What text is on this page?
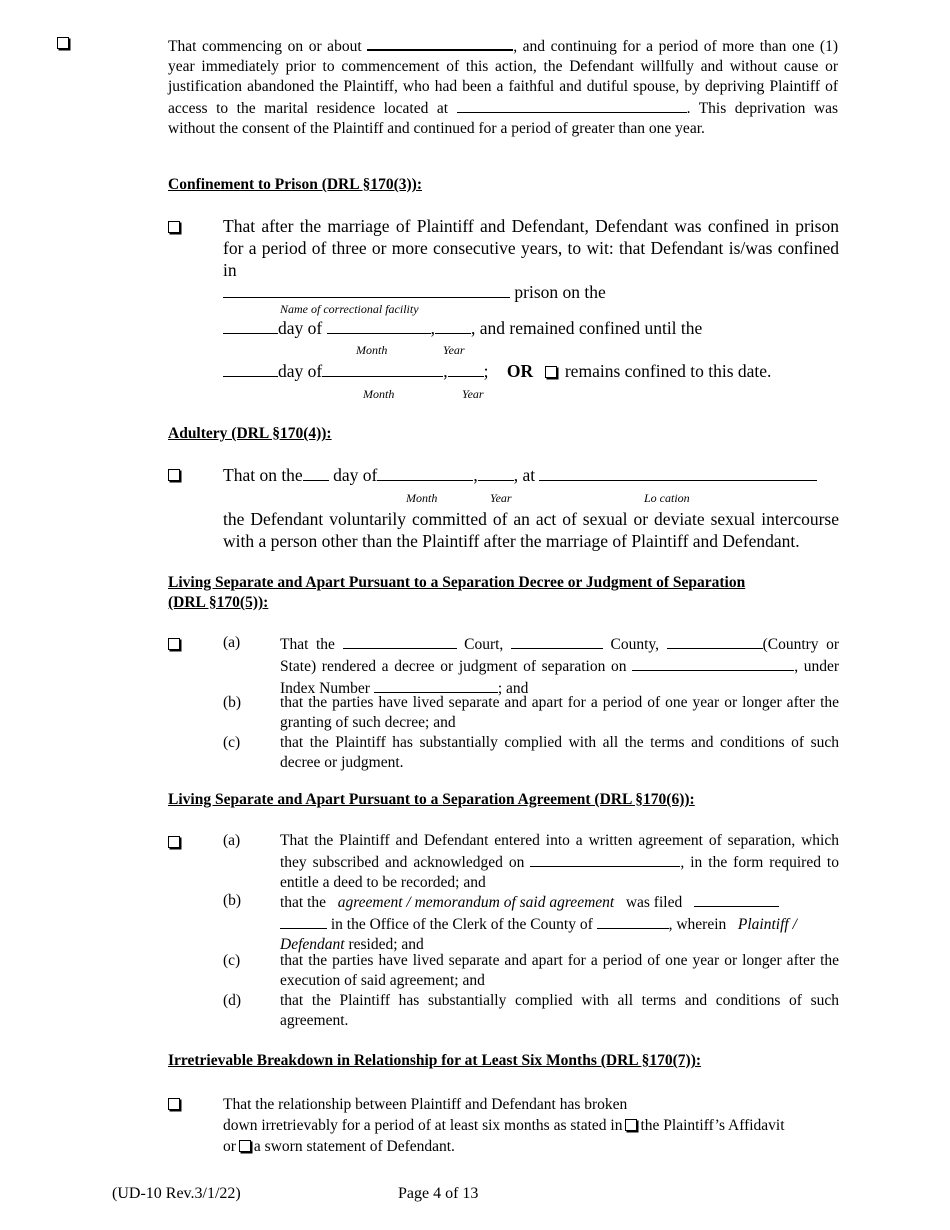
That commencing on or about	, and continuing for a period of more than one (1) year immediately prior to commencement of this action, the Defendant willfully and without cause or justification abandoned the Plaintiff, who had been a faithful and dutiful spouse, by depriving Plaintiff of access to the marital residence located at	. This deprivation was without the consent of the Plaintiff and continued for a period of greater than one year.
Confinement to Prison (DRL §170(3)):
That after the marriage of Plaintiff and Defendant, Defendant was confined in prison for a period of three or more consecutive years, to wit: that Defendant is/was confined in
prison on the
Name of correctional facility
day of	, , and remained confined until the
Month	Year
day of	, ; OR remains confined to this date.
Month	Year
Adultery (DRL §170(4)):
That on the day of	, , at
Month	Year	Lo cation
the Defendant voluntarily committed of an act of sexual or deviate sexual intercourse with a person other than the Plaintiff after the marriage of Plaintiff and Defendant.
Living Separate and Apart Pursuant to a Separation Decree or Judgment of Separation
(DRL §170(5)):
(a)	That the	Court,	County,	(Country or State) rendered a decree or judgment of separation on	, under Index Number	; and
(b)	that the parties have lived separate and apart for a period of one year or longer after the granting of such decree; and
(c)	that the Plaintiff has substantially complied with all the terms and conditions of such decree or judgment.
Living Separate and Apart Pursuant to a Separation Agreement (DRL §170(6)):
(a)	That the Plaintiff and Defendant entered into a written agreement of separation, which they subscribed and acknowledged on	, in the form required to entitle a deed to be recorded; and
(b)	that the agreement / memorandum of said agreement was filed
in the Office of the Clerk of the County of	, wherein Plaintiff / Defendant resided; and
(c)	that the parties have lived separate and apart for a period of one year or longer after the execution of said agreement; and
(d)	that the Plaintiff has substantially complied with all terms and conditions of such agreement.
Irretrievable Breakdown in Relationship for at Least Six Months (DRL §170(7)):
That the relationship between Plaintiff and Defendant has broken
down irretrievably for a period of at least six months as stated in the Plaintiff’s Affidavit
or a sworn statement of Defendant.
(UD-10 Rev.3/1/22)	Page 4 of 13
